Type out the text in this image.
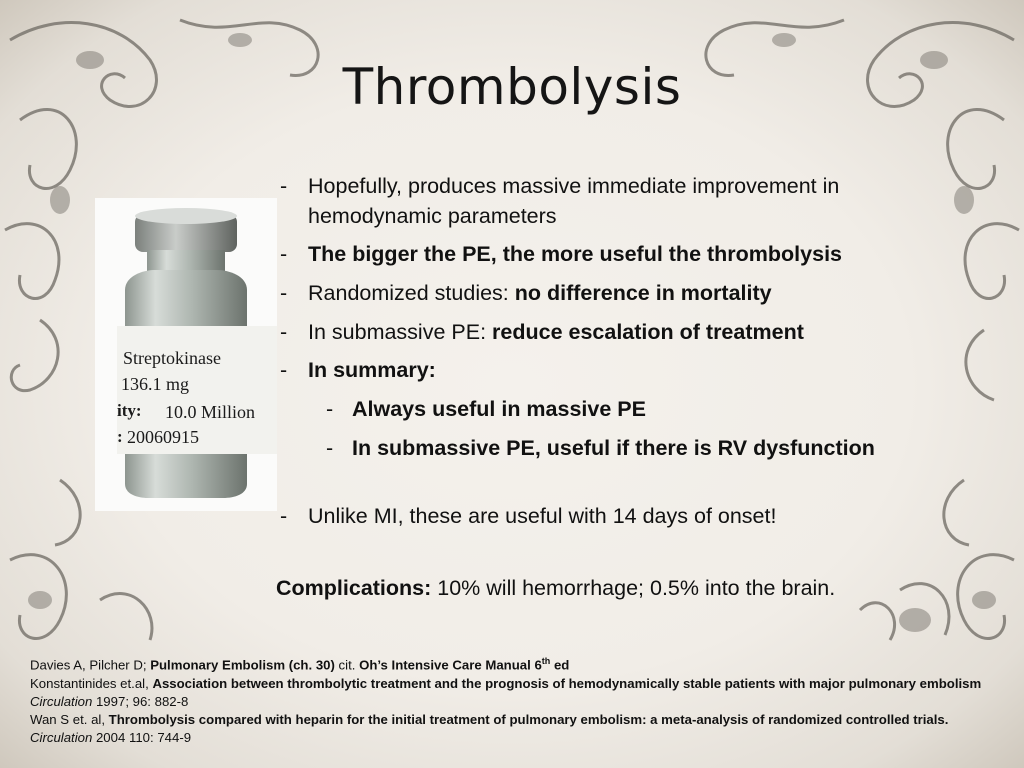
Thrombolysis
Streptokinase
136.1 mg
ity: 10.0 Million
: 20060915
- Hopefully, produces massive immediate improvement in hemodynamic parameters
- The bigger the PE, the more useful the thrombolysis
- Randomized studies: no difference in mortality
- In submassive PE: reduce escalation of treatment
- In summary:
- Always useful in massive PE
- In submassive PE, useful if there is RV dysfunction
- Unlike MI, these are useful with 14 days of onset!
Complications: 10% will hemorrhage; 0.5% into the brain.
Davies A, Pilcher D; Pulmonary Embolism (ch. 30) cit. Oh’s Intensive Care Manual 6th ed
Konstantinides et.al, Association between thrombolytic treatment and the prognosis of hemodynamically stable patients with major pulmonary embolism Circulation 1997; 96: 882-8
Wan S et. al, Thrombolysis compared with heparin for the initial treatment of pulmonary embolism: a meta-analysis of randomized controlled trials. Circulation 2004 110: 744-9
